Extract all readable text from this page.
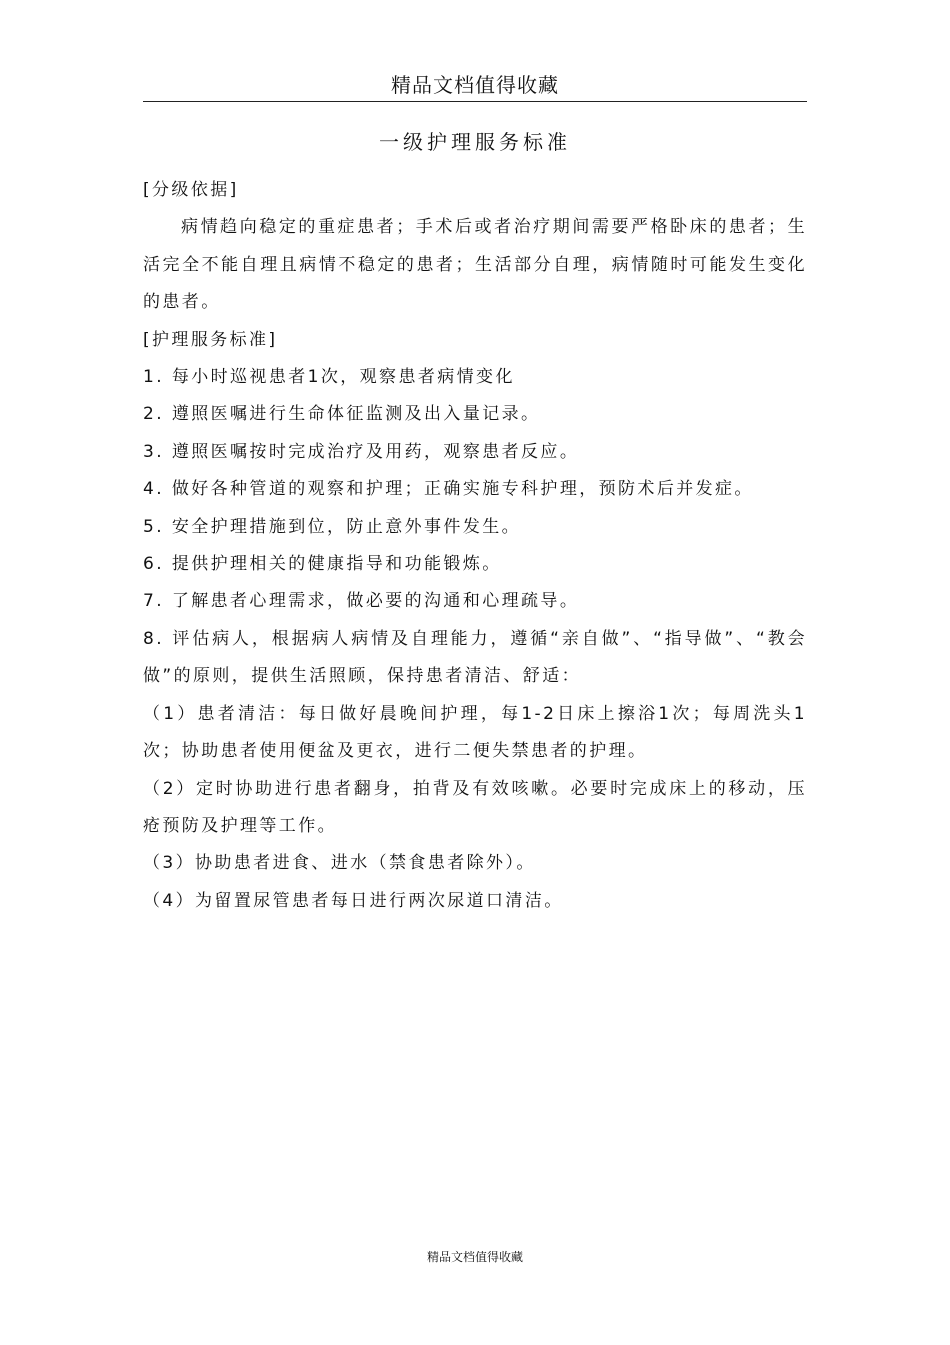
精品文档值得收藏
一级护理服务标准

[分级依据]

病情趋向稳定的重症患者；手术后或者治疗期间需要严格卧床的患者；生活完全不能自理且病情不稳定的患者；生活部分自理，病情随时可能发生变化的患者。

[护理服务标准]

1. 每小时巡视患者1次，观察患者病情变化

2. 遵照医嘱进行生命体征监测及出入量记录。

3. 遵照医嘱按时完成治疗及用药，观察患者反应。

4. 做好各种管道的观察和护理；正确实施专科护理，预防术后并发症。

5. 安全护理措施到位，防止意外事件发生。

6. 提供护理相关的健康指导和功能锻炼。

7. 了解患者心理需求，做必要的沟通和心理疏导。

8. 评估病人，根据病人病情及自理能力，遵循“亲自做”、“指导做”、“教会做”的原则，提供生活照顾，保持患者清洁、舒适：

（1）患者清洁：每日做好晨晚间护理，每1-2日床上擦浴1次；每周洗头1次；协助患者使用便盆及更衣，进行二便失禁患者的护理。

（2）定时协助进行患者翻身，拍背及有效咳嗽。必要时完成床上的移动，压疮预防及护理等工作。

（3）协助患者进食、进水（禁食患者除外）。

（4）为留置尿管患者每日进行两次尿道口清洁。

精品文档值得收藏
